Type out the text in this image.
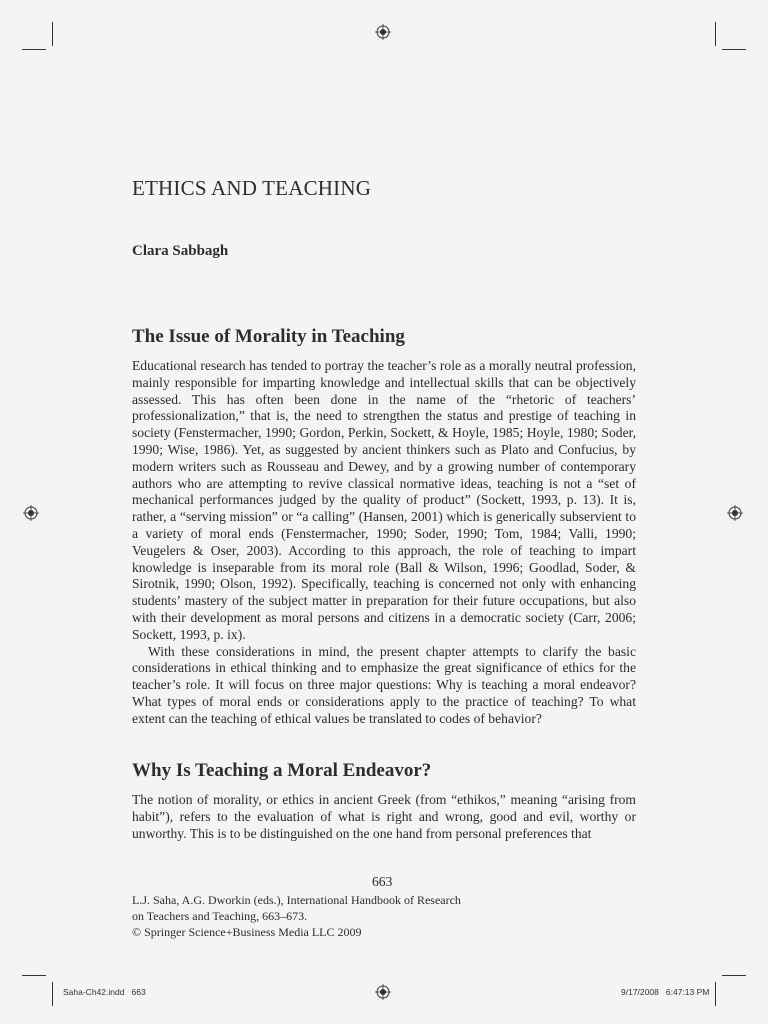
ETHICS AND TEACHING
Clara Sabbagh
The Issue of Morality in Teaching

Educational research has tended to portray the teacher’s role as a morally neutral profession, mainly responsible for imparting knowledge and intellectual skills that can be objectively assessed. This has often been done in the name of the “rhetoric of teachers’ professionalization,” that is, the need to strengthen the status and prestige of teaching in society (Fenstermacher, 1990; Gordon, Perkin, Sockett, & Hoyle, 1985; Hoyle, 1980; Soder, 1990; Wise, 1986). Yet, as suggested by ancient thinkers such as Plato and Confucius, by modern writers such as Rousseau and Dewey, and by a growing number of contemporary authors who are attempting to revive classical normative ideas, teaching is not a “set of mechanical performances judged by the quality of product” (Sockett, 1993, p. 13). It is, rather, a “serving mission” or “a calling” (Hansen, 2001) which is generically subservient to a variety of moral ends (Fenstermacher, 1990; Soder, 1990; Tom, 1984; Valli, 1990; Veugelers & Oser, 2003). According to this approach, the role of teaching to impart knowledge is inseparable from its moral role (Ball & Wilson, 1996; Goodlad, Soder, & Sirotnik, 1990; Olson, 1992). Specifically, teaching is concerned not only with enhancing students’ mastery of the subject matter in preparation for their future occupations, but also with their development as moral persons and citizens in a democratic society (Carr, 2006; Sockett, 1993, p. ix).

With these considerations in mind, the present chapter attempts to clarify the basic considerations in ethical thinking and to emphasize the great significance of ethics for the teacher’s role. It will focus on three major questions: Why is teaching a moral endeavor? What types of moral ends or considerations apply to the practice of teaching? To what extent can the teaching of ethical values be translated to codes of behavior?

Why Is Teaching a Moral Endeavor?

The notion of morality, or ethics in ancient Greek (from “ethikos,” meaning “arising from habit”), refers to the evaluation of what is right and wrong, good and evil, worthy or unworthy. This is to be distinguished on the one hand from personal preferences that

663
L.J. Saha, A.G. Dworkin (eds.), International Handbook of Research
on Teachers and Teaching, 663–673.
© Springer Science+Business Media LLC 2009
Saha-Ch42.indd   663	9/17/2008   6:47:13 PM
